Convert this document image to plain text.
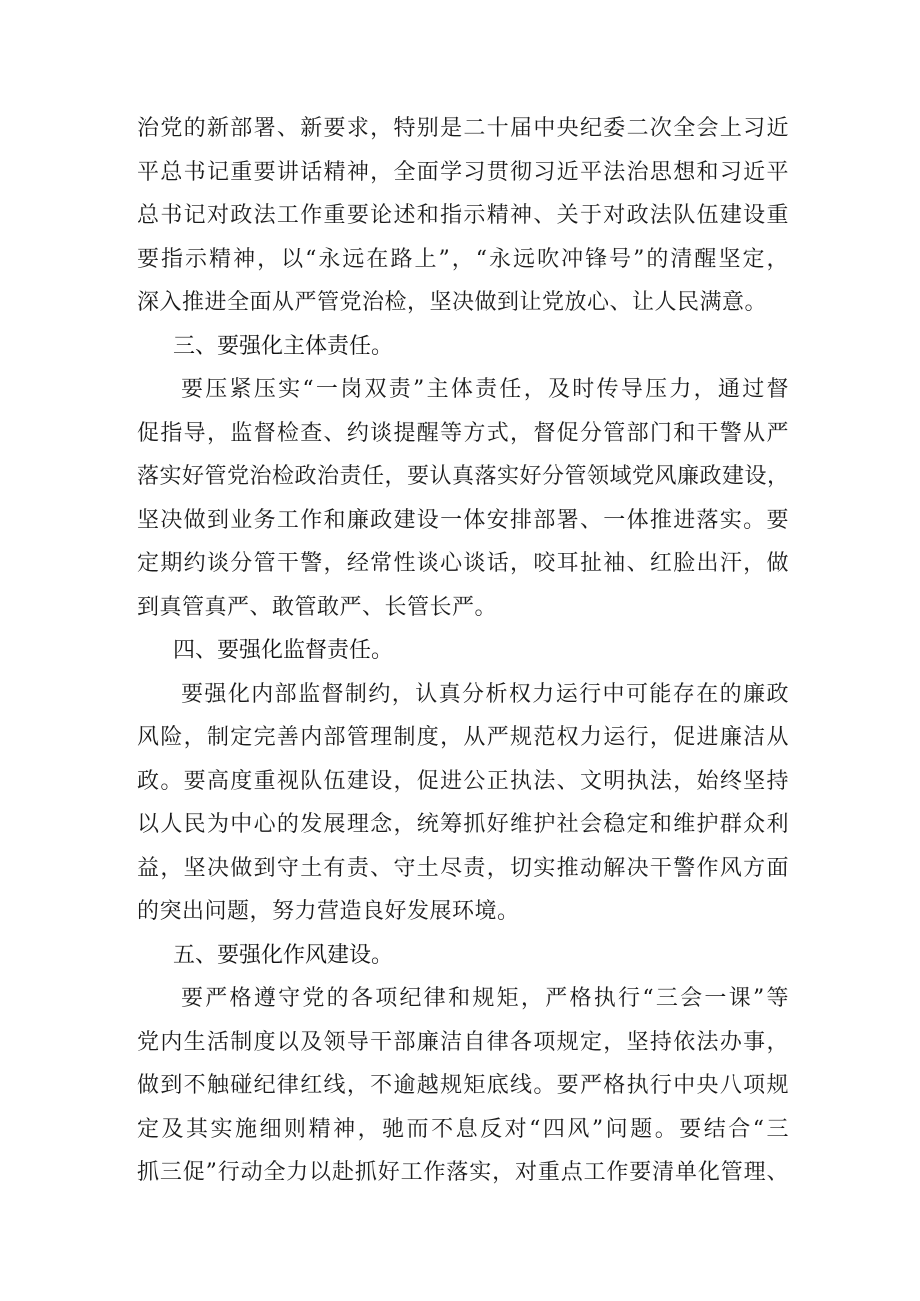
治党的新部署、新要求，特别是二十届中央纪委二次全会上习近
平总书记重要讲话精神，全面学习贯彻习近平法治思想和习近平
总书记对政法工作重要论述和指示精神、关于对政法队伍建设重
要指示精神，以“永远在路上”，“永远吹冲锋号”的清醒坚定，
深入推进全面从严管党治检，坚决做到让党放心、让人民满意。
三、要强化主体责任。
要压紧压实“一岗双责”主体责任，及时传导压力，通过督
促指导，监督检查、约谈提醒等方式，督促分管部门和干警从严
落实好管党治检政治责任，要认真落实好分管领域党风廉政建设，
坚决做到业务工作和廉政建设一体安排部署、一体推进落实。要
定期约谈分管干警，经常性谈心谈话，咬耳扯袖、红脸出汗，做
到真管真严、敢管敢严、长管长严。
四、要强化监督责任。
要强化内部监督制约，认真分析权力运行中可能存在的廉政
风险，制定完善内部管理制度，从严规范权力运行，促进廉洁从
政。要高度重视队伍建设，促进公正执法、文明执法，始终坚持
以人民为中心的发展理念，统筹抓好维护社会稳定和维护群众利
益，坚决做到守土有责、守土尽责，切实推动解决干警作风方面
的突出问题，努力营造良好发展环境。
五、要强化作风建设。
要严格遵守党的各项纪律和规矩，严格执行“三会一课”等
党内生活制度以及领导干部廉洁自律各项规定，坚持依法办事，
做到不触碰纪律红线，不逾越规矩底线。要严格执行中央八项规
定及其实施细则精神，驰而不息反对“四风”问题。要结合“三
抓三促”行动全力以赴抓好工作落实，对重点工作要清单化管理、
